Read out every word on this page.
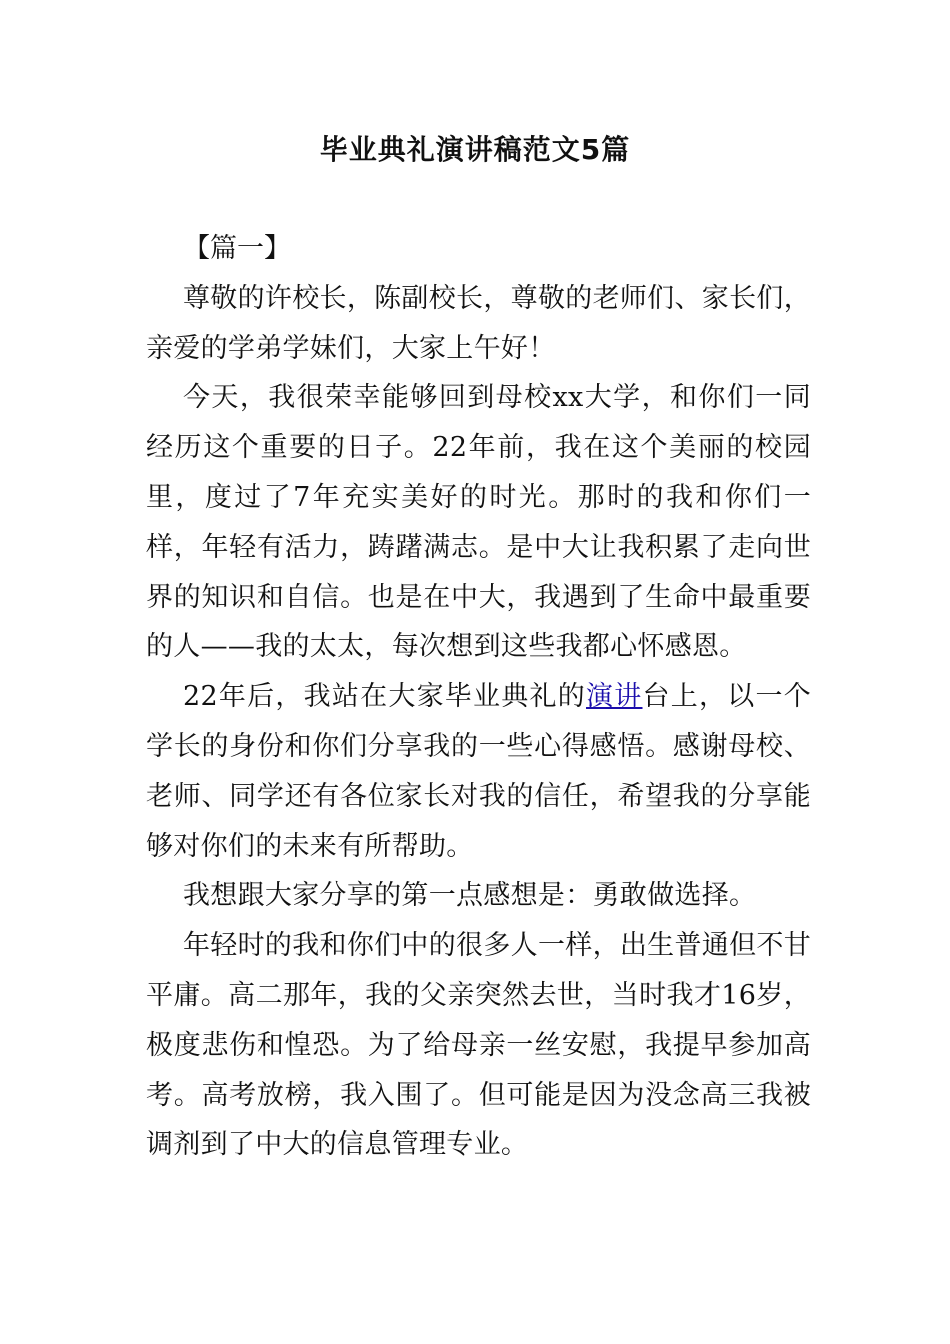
毕业典礼演讲稿范文5篇

【篇一】

尊敬的许校长，陈副校长，尊敬的老师们、家长们，亲爱的学弟学妹们，大家上午好！

今天，我很荣幸能够回到母校xx大学，和你们一同经历这个重要的日子。22年前，我在这个美丽的校园里，度过了7年充实美好的时光。那时的我和你们一样，年轻有活力，踌躇满志。是中大让我积累了走向世界的知识和自信。也是在中大，我遇到了生命中最重要的人——我的太太，每次想到这些我都心怀感恩。

22年后，我站在大家毕业典礼的演讲台上，以一个学长的身份和你们分享我的一些心得感悟。感谢母校、老师、同学还有各位家长对我的信任，希望我的分享能够对你们的未来有所帮助。

我想跟大家分享的第一点感想是：勇敢做选择。

年轻时的我和你们中的很多人一样，出生普通但不甘平庸。高二那年，我的父亲突然去世，当时我才16岁，极度悲伤和惶恐。为了给母亲一丝安慰，我提早参加高考。高考放榜，我入围了。但可能是因为没念高三我被调剂到了中大的信息管理专业。
